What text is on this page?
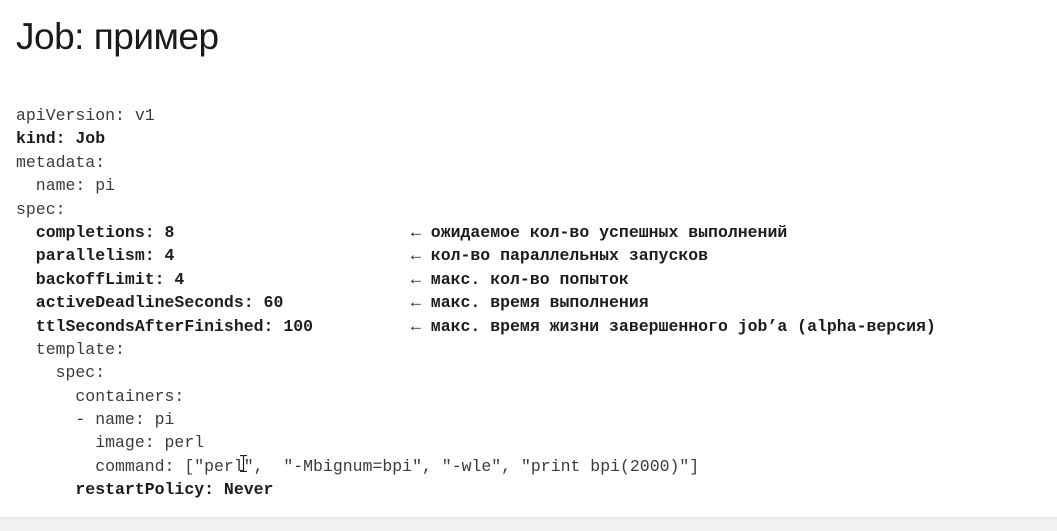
Job: пример
apiVersion: v1
kind: Job
metadata:
name: pi
spec:
completions: 8	← ожидаемое кол-во успешных выполнений
parallelism: 4	← кол-во параллельных запусков
backoffLimit: 4	← макс. кол-во попыток
activeDeadlineSeconds: 60	← макс. время выполнения
ttlSecondsAfterFinished: 100	← макс. время жизни завершенного job’a (alpha-версия)
template:
spec:
containers:
- name: pi
image: perl
command: ["perl",  "-Mbignum=bpi", "-wle", "print bpi(2000)"]
restartPolicy: Never
